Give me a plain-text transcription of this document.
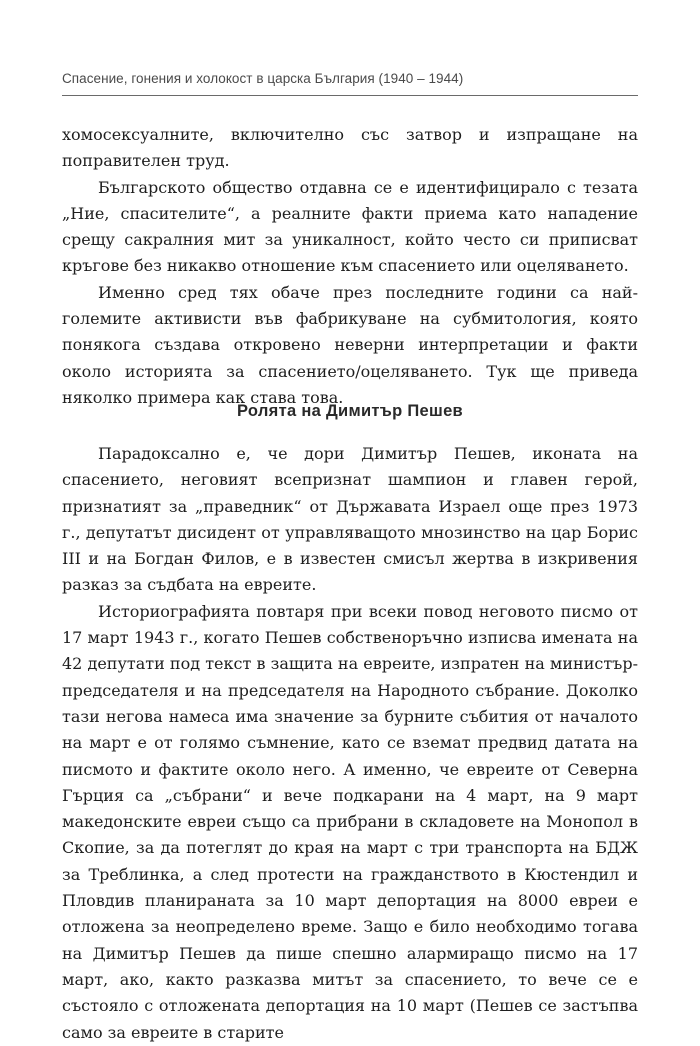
Спасение, гонения и холокост в царска България (1940 – 1944)

хомосексуалните, включително със затвор и изпращане на поправителен труд.

Българското общество отдавна се е идентифицирало с тезата „Ние, спасителите“, а реалните факти приема като нападение срещу сакралния мит за уникалност, който често си приписват кръгове без никакво отношение към спасението или оцеляването.

Именно сред тях обаче през последните години са най-големите активисти във фабрикуване на субмитология, която понякога създава откровено неверни интерпретации и факти около историята за спасението/оцеляването. Тук ще приведа няколко примера как става това.

Ролята на Димитър Пешев

Парадоксално е, че дори Димитър Пешев, иконата на спасението, неговият всепризнат шампион и главен герой, признатият за „праведник“ от Държавата Израел още през 1973 г., депутатът дисидент от управляващото мнозинство на цар Борис III и на Богдан Филов, е в известен смисъл жертва в изкривения разказ за съдбата на евреите.

Историографията повтаря при всеки повод неговото писмо от 17 март 1943 г., когато Пешев собственоръчно изписва имената на 42 депутати под текст в защита на евреите, изпратен на министър-председателя и на председателя на Народното събрание. Доколко тази негова намеса има значение за бурните събития от началото на март е от голямо съмнение, като се вземат предвид датата на писмото и фактите около него. А именно, че евреите от Северна Гърция са „събрани“ и вече подкарани на 4 март, на 9 март македонските евреи също са прибрани в складовете на Монопол в Скопие, за да потеглят до края на март с три транспорта на БДЖ за Треблинка, а след протести на гражданството в Кюстендил и Пловдив планираната за 10 март депортация на 8000 евреи е отложена за неопределено време. Защо е било необходимо тогава на Димитър Пешев да пише спешно алармиращо писмо на 17 март, ако, както разказва митът за спасението, то вече се е състояло с отложената депортация на 10 март (Пешев се застъпва само за евреите в старите
